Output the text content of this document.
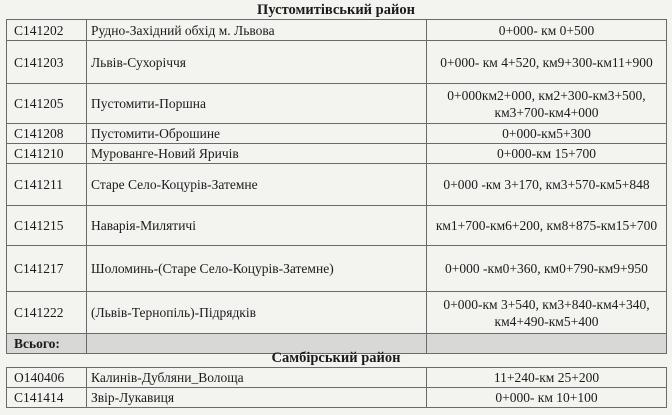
Пустомитівський район
С141202	Рудно-Західний обхід м. Львова	0+000- км 0+500
С141203	Львів-Сухоріччя	0+000- км 4+520, км9+300-км11+900
С141205	Пустомити-Поршна	0+000км2+000, км2+300-км3+500, км3+700-км4+000
С141208	Пустомити-Оброшине	0+000-км5+300
С141210	Мурованге-Новий Яричів	0+000-км 15+700
С141211	Старе Село-Коцурів-Затемне	0+000 -км 3+170, км3+570-км5+848
С141215	Наварія-Милятичі	км1+700-км6+200, км8+875-км15+700
С141217	Шоломинь-(Старе Село-Коцурів-Затемне)	0+000 -км0+360, км0+790-км9+950
С141222	(Львів-Тернопіль)-Підрядків	0+000-км 3+540, км3+840-км4+340, км4+490-км5+400
Всього:		
Самбірський район
О140406	Калинів-Дубляни_Волоща	11+240-км 25+200
С141414	Звір-Лукавиця	0+000- км 10+100
